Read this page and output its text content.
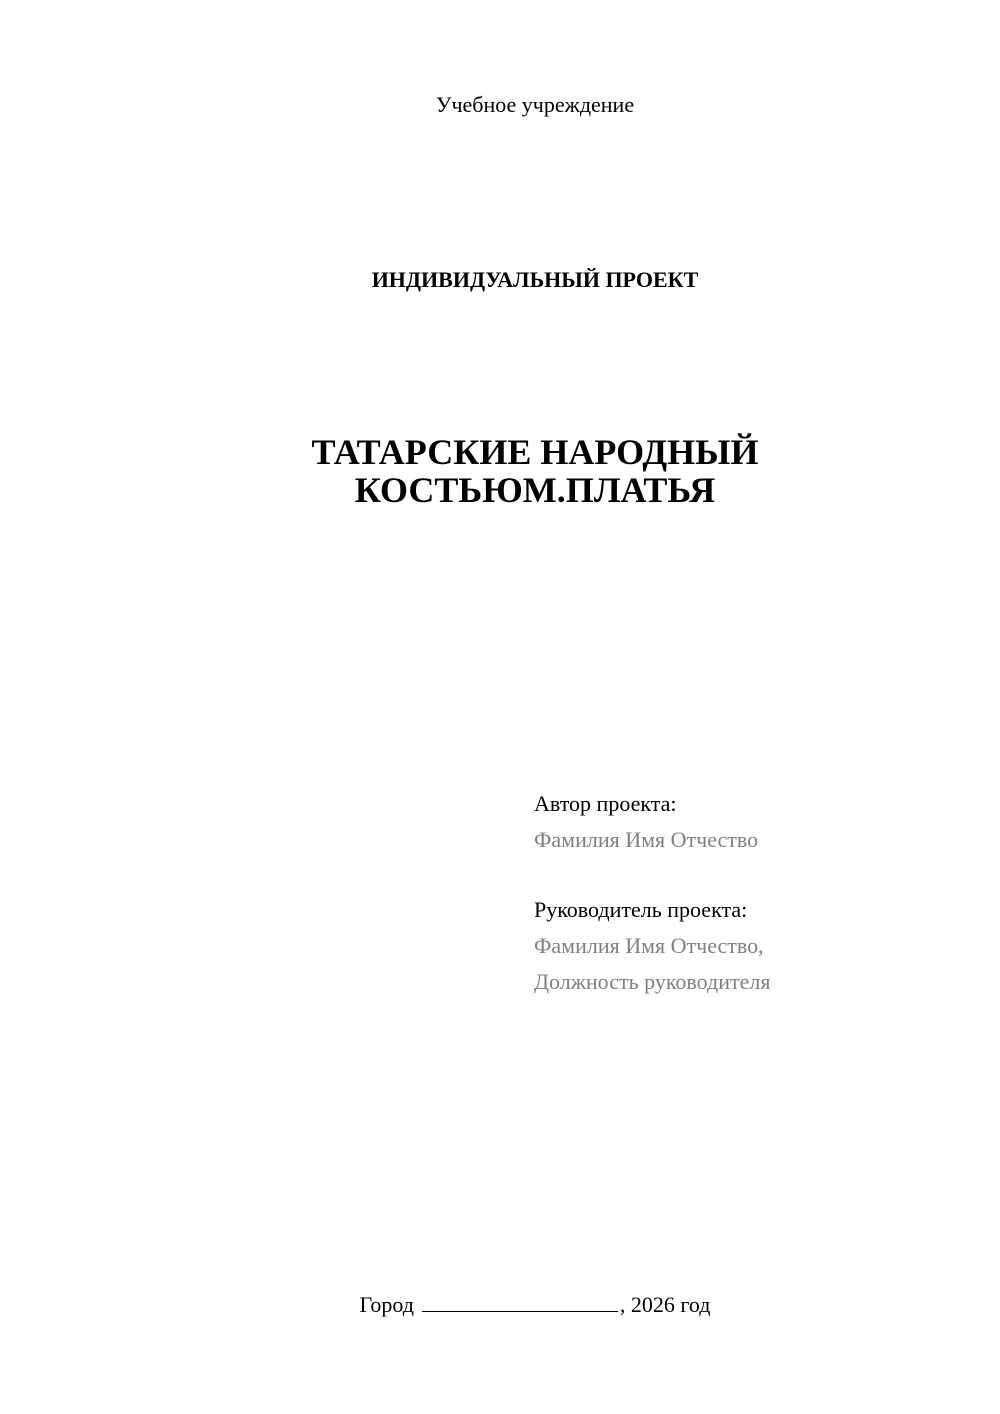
Учебное учреждение
ИНДИВИДУАЛЬНЫЙ ПРОЕКТ
ТАТАРСКИЕ НАРОДНЫЙ
КОСТЬЮМ.ПЛАТЬЯ
Автор проекта:
Фамилия Имя Отчество
Руководитель проекта:
Фамилия Имя Отчество,
Должность руководителя
Город	, 2026 год
